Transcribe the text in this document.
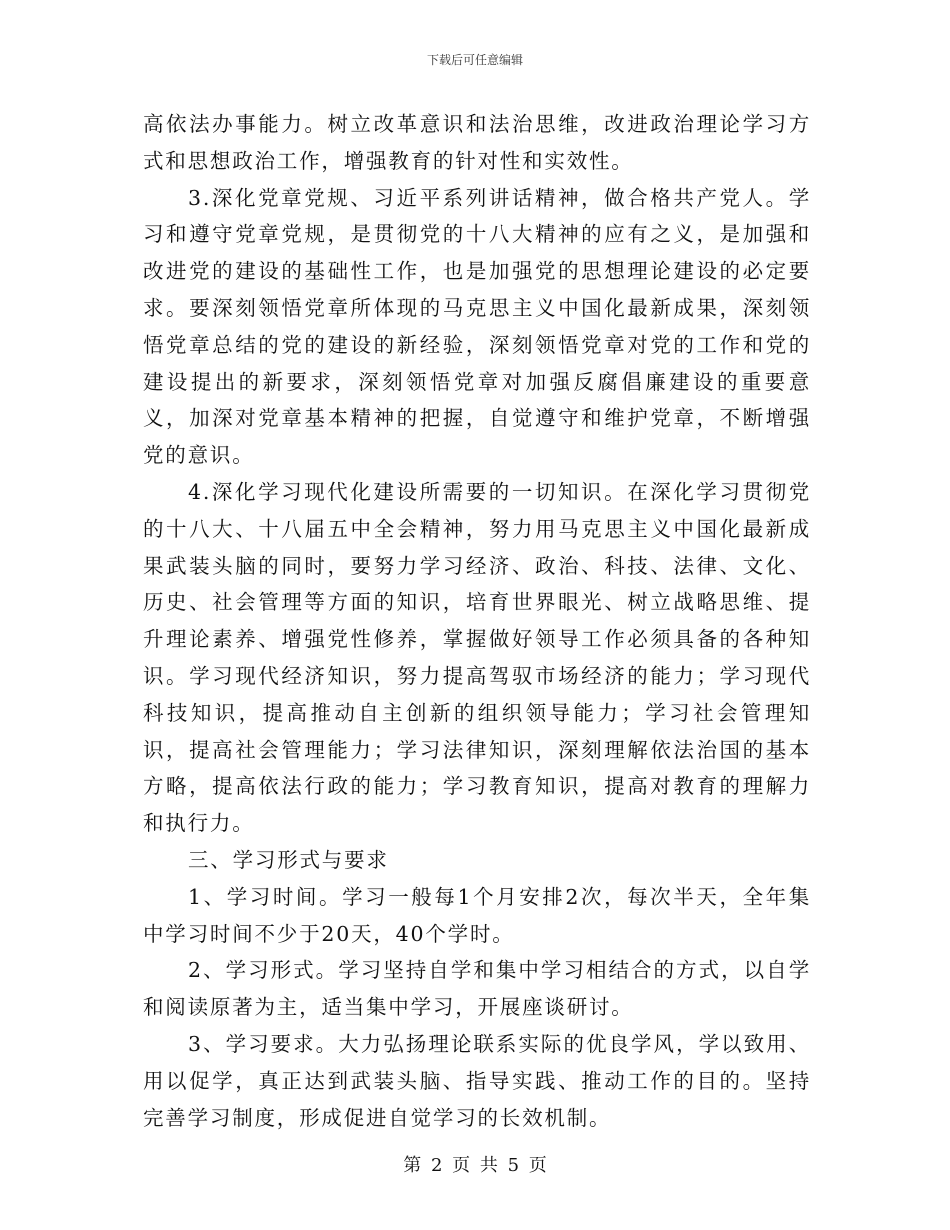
下载后可任意编辑

高依法办事能力。树立改革意识和法治思维，改进政治理论学习方式和思想政治工作，增强教育的针对性和实效性。

3.深化党章党规、习近平系列讲话精神，做合格共产党人。学习和遵守党章党规，是贯彻党的十八大精神的应有之义，是加强和改进党的建设的基础性工作，也是加强党的思想理论建设的必定要求。要深刻领悟党章所体现的马克思主义中国化最新成果，深刻领悟党章总结的党的建设的新经验，深刻领悟党章对党的工作和党的建设提出的新要求，深刻领悟党章对加强反腐倡廉建设的重要意义，加深对党章基本精神的把握，自觉遵守和维护党章，不断增强党的意识。

4.深化学习现代化建设所需要的一切知识。在深化学习贯彻党的十八大、十八届五中全会精神，努力用马克思主义中国化最新成果武装头脑的同时，要努力学习经济、政治、科技、法律、文化、历史、社会管理等方面的知识，培育世界眼光、树立战略思维、提升理论素养、增强党性修养，掌握做好领导工作必须具备的各种知识。学习现代经济知识，努力提高驾驭市场经济的能力；学习现代科技知识，提高推动自主创新的组织领导能力；学习社会管理知识，提高社会管理能力；学习法律知识，深刻理解依法治国的基本方略，提高依法行政的能力；学习教育知识，提高对教育的理解力和执行力。

三、学习形式与要求

1、学习时间。学习一般每1个月安排2次，每次半天，全年集中学习时间不少于20天，40个学时。

2、学习形式。学习坚持自学和集中学习相结合的方式，以自学和阅读原著为主，适当集中学习，开展座谈研讨。

3、学习要求。大力弘扬理论联系实际的优良学风，学以致用、用以促学，真正达到武装头脑、指导实践、推动工作的目的。坚持完善学习制度，形成促进自觉学习的长效机制。

第 2 页 共 5 页
